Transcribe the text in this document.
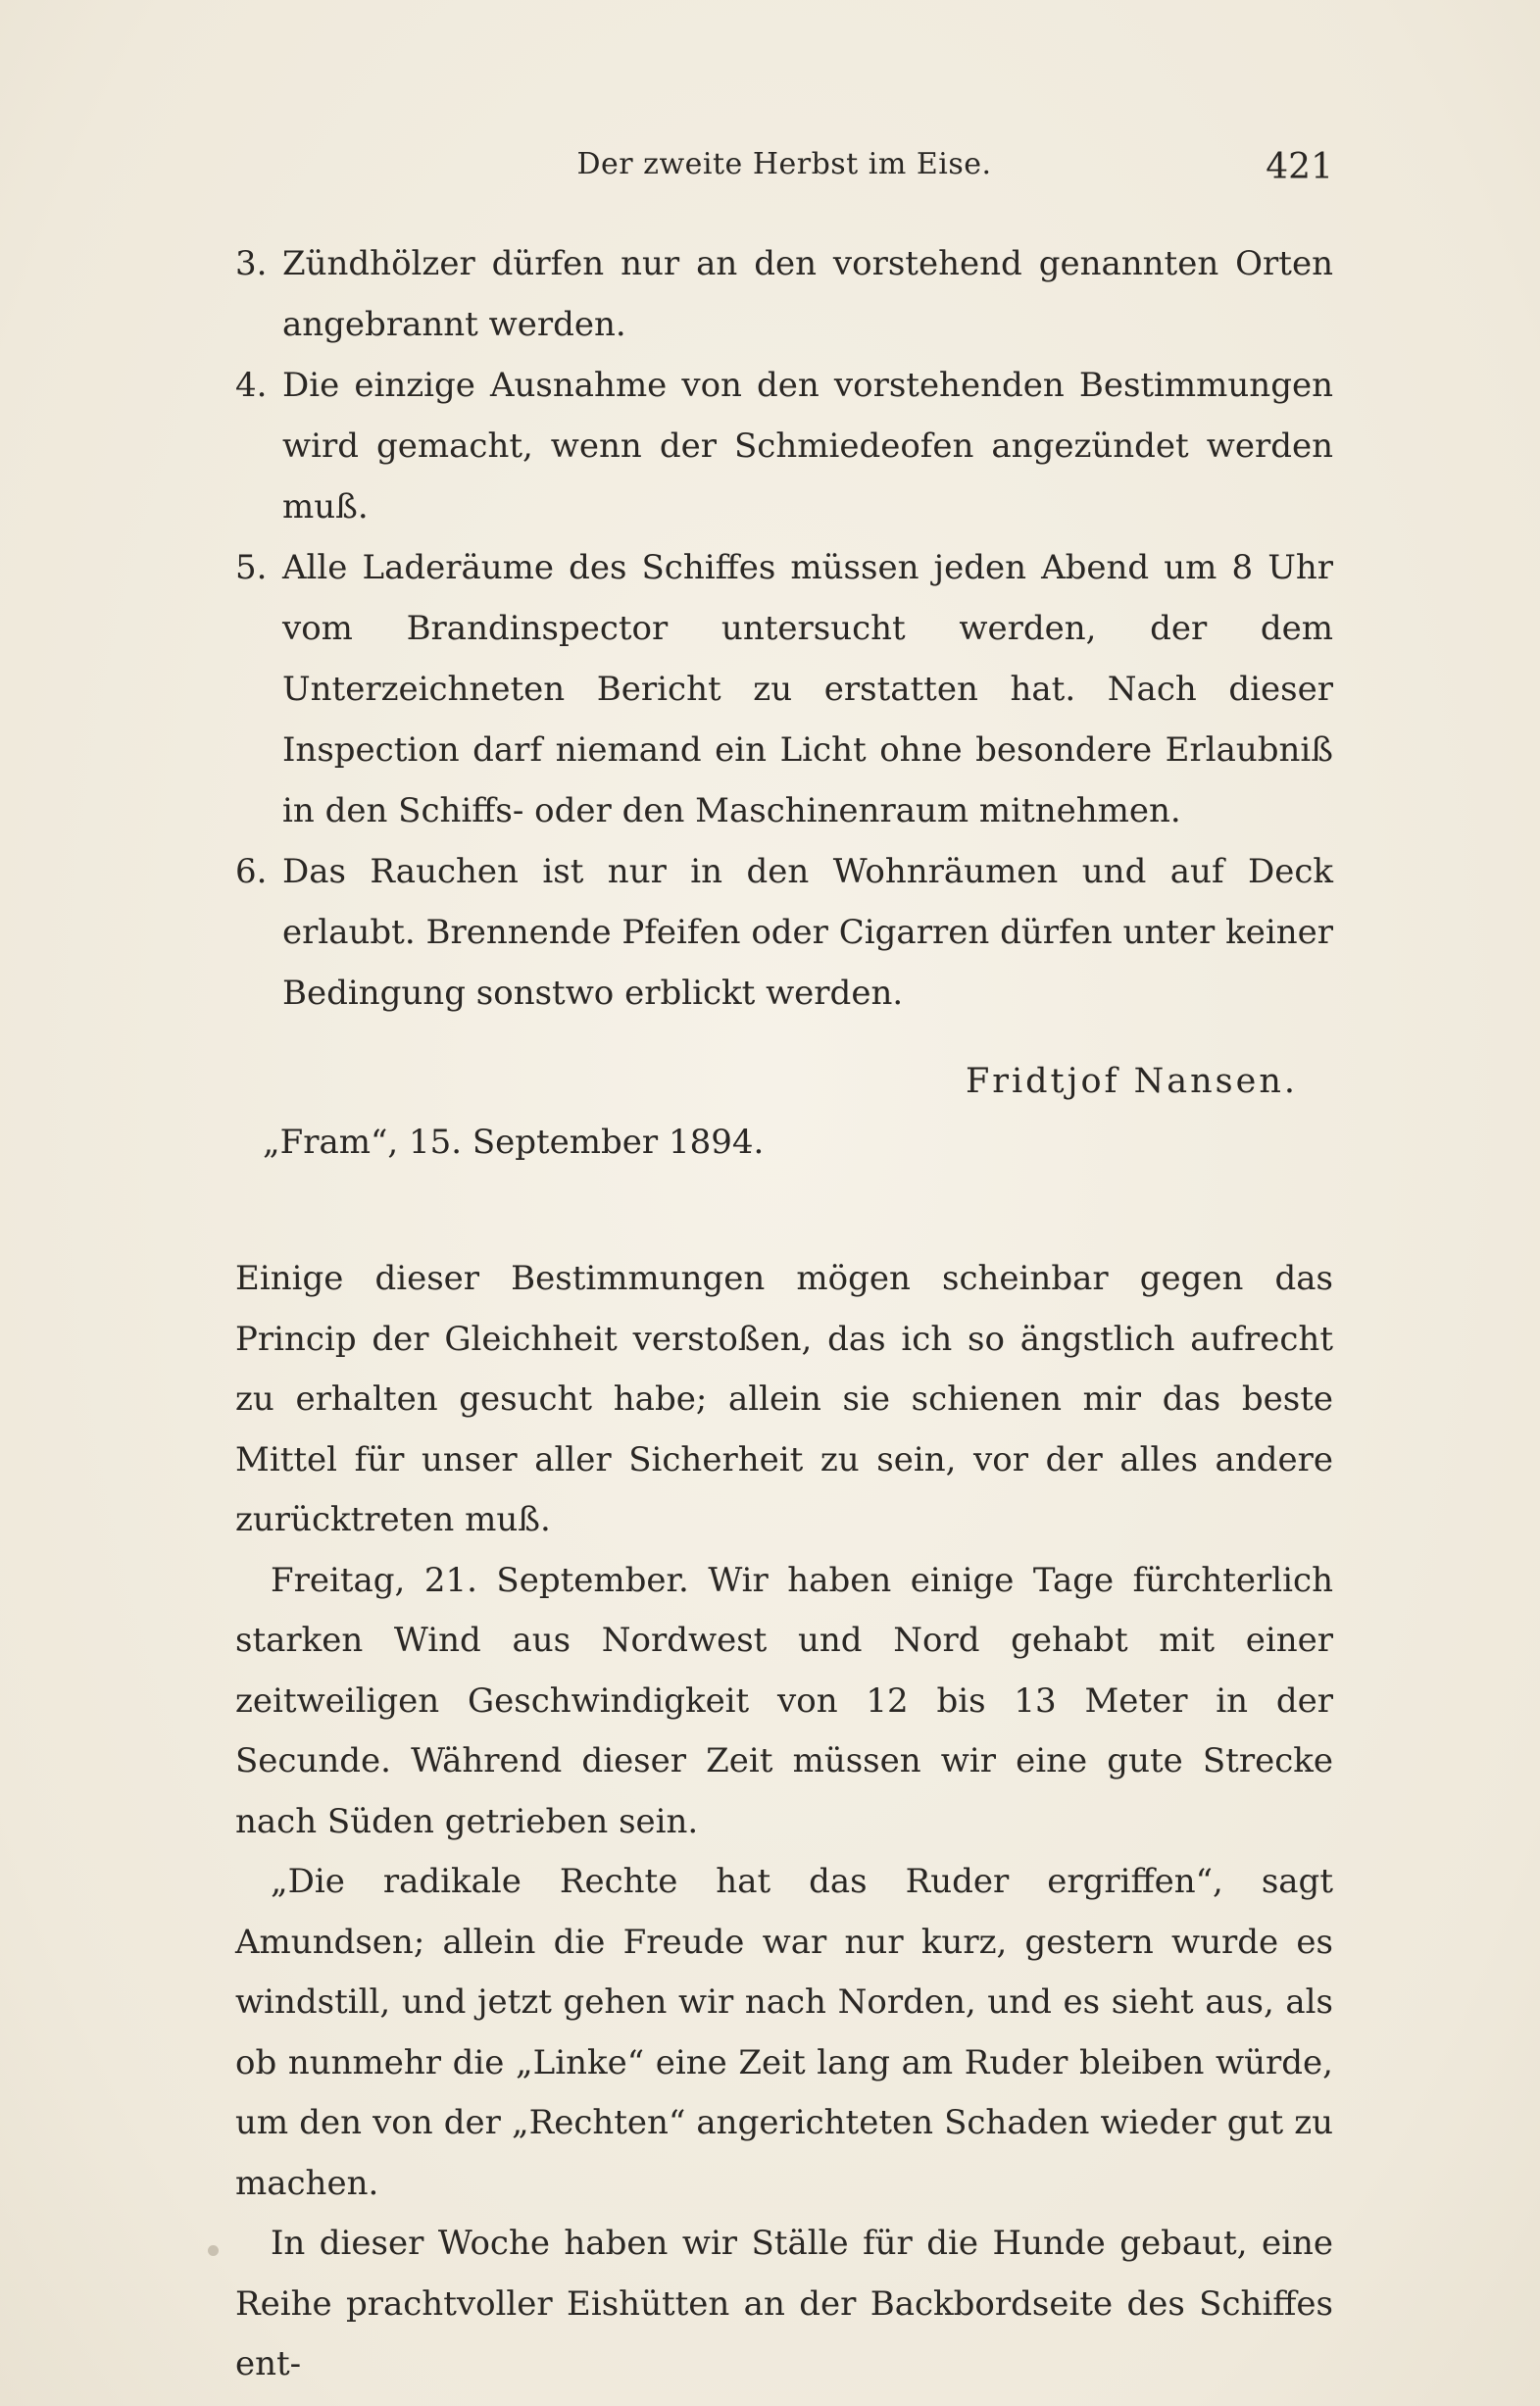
Der zweite Herbst im Eise.	421
3. Zündhölzer dürfen nur an den vorstehend genannten Orten angebrannt werden.
4. Die einzige Ausnahme von den vorstehenden Bestimmungen wird gemacht, wenn der Schmiedeofen angezündet werden muß.
5. Alle Laderäume des Schiffes müssen jeden Abend um 8 Uhr vom Brandinspector untersucht werden, der dem Unterzeichneten Bericht zu erstatten hat. Nach dieser Inspection darf niemand ein Licht ohne besondere Erlaubniß in den Schiffs- oder den Maschinenraum mitnehmen.
6. Das Rauchen ist nur in den Wohnräumen und auf Deck erlaubt. Brennende Pfeifen oder Cigarren dürfen unter keiner Bedingung sonstwo erblickt werden.
Fridtjof Nansen.
„Fram“, 15. September 1894.

Einige dieser Bestimmungen mögen scheinbar gegen das Princip der Gleichheit verstoßen, das ich so ängstlich aufrecht zu erhalten gesucht habe; allein sie schienen mir das beste Mittel für unser aller Sicherheit zu sein, vor der alles andere zurücktreten muß.

Freitag, 21. September. Wir haben einige Tage fürchterlich starken Wind aus Nordwest und Nord gehabt mit einer zeitweiligen Geschwindigkeit von 12 bis 13 Meter in der Secunde. Während dieser Zeit müssen wir eine gute Strecke nach Süden getrieben sein.

„Die radikale Rechte hat das Ruder ergriffen“, sagt Amundsen; allein die Freude war nur kurz, gestern wurde es windstill, und jetzt gehen wir nach Norden, und es sieht aus, als ob nunmehr die „Linke“ eine Zeit lang am Ruder bleiben würde, um den von der „Rechten“ angerichteten Schaden wieder gut zu machen.

In dieser Woche haben wir Ställe für die Hunde gebaut, eine Reihe prachtvoller Eishütten an der Backbordseite des Schiffes ent-
